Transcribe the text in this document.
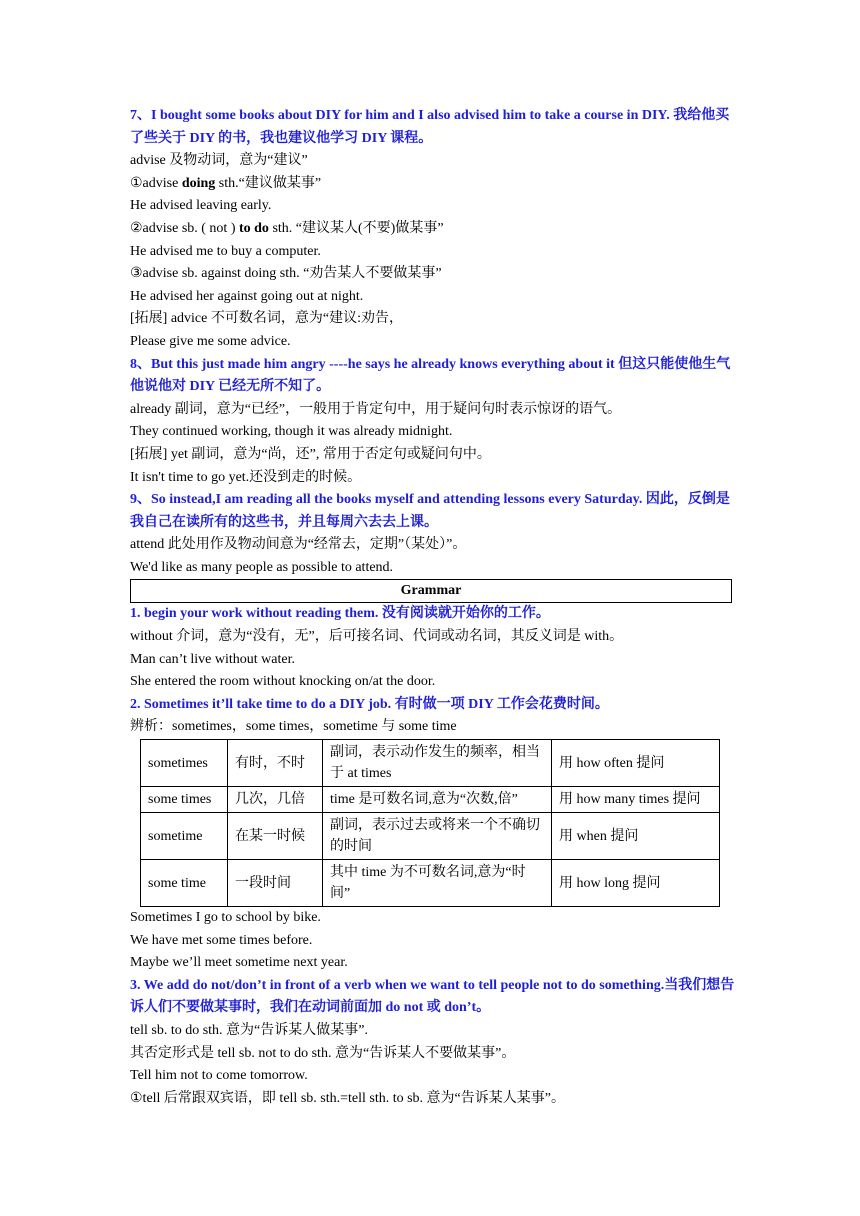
7、I bought some books about DIY for him and I also advised him to take a course in DIY. 我给他买了些关于 DIY 的书，我也建议他学习 DIY 课程。
advise 及物动词，意为“建议”
①advise doing sth.“建议做某事”
He advised leaving early.
②advise sb. ( not ) to do sth. “建议某人(不要)做某事”
He advised me to buy a computer.
③advise sb. against doing sth. “劝告某人不要做某事”
He advised her against going out at night.
[拓展] advice 不可数名词，意为“建议:劝告，
Please give me some advice.
8、But this just made him angry ----he says he already knows everything about it 但这只能使他生气 他说他对 DIY 已经无所不知了。
already 副词，意为“已经”，一般用于肯定句中，用于疑问句时表示惊讶的语气。
They continued working, though it was already midnight.
[拓展] yet 副词，意为“尚，还”, 常用于否定句或疑问句中。
It isn't time to go yet.还没到走的时候。
9、So instead,I am reading all the books myself and attending lessons every Saturday. 因此，反倒是我自己在读所有的这些书，并且每周六去去上课。
attend 此处用作及物动间意为“经常去，定期”（某处）”。
We'd like as many people as possible to attend.
Grammar
1. begin your work without reading them. 没有阅读就开始你的工作。
without 介词，意为“没有，无”，后可接名词、代词或动名词，其反义词是 with。
Man can’t live without water.
She entered the room without knocking on/at the door.
2. Sometimes it’ll take time to do a DIY job. 有时做一项 DIY 工作会花费时间。
辨析：sometimes，some times，sometime 与 some time
sometimes	有时，不时	副词，表示动作发生的频率，相当于 at times	用 how often 提问
some times	几次，几倍	time 是可数名词,意为“次数,倍”	用 how many times 提问
sometime	在某一时候	副词，表示过去或将来一个不确切的时间	用 when 提问
some time	一段时间	其中 time 为不可数名词,意为“时间”	用 how long 提问
Sometimes I go to school by bike.
We have met some times before.
Maybe we’ll meet sometime next year.
3. We add do not/don’t in front of a verb when we want to tell people not to do something.当我们想告诉人们不要做某事时，我们在动词前面加 do not 或 don’t。
tell sb. to do sth. 意为“告诉某人做某事”.
其否定形式是 tell sb. not to do sth. 意为“告诉某人不要做某事”。
Tell him not to come tomorrow.
①tell 后常跟双宾语，即 tell sb. sth.=tell sth. to sb. 意为“告诉某人某事”。
